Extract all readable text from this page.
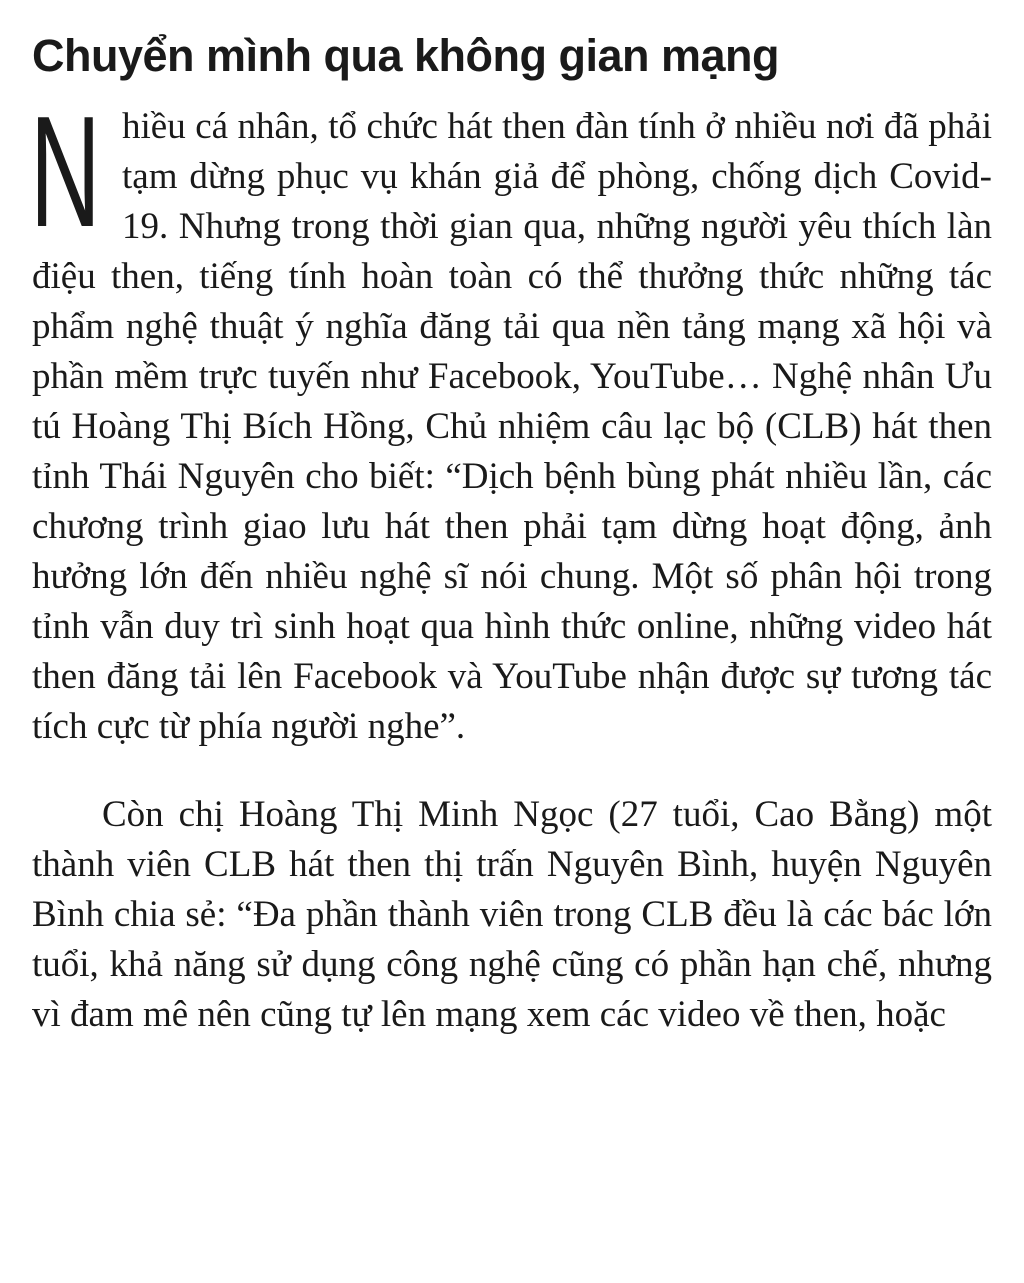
Chuyển mình qua không gian mạng

N hiều cá nhân, tổ chức hát then đàn tính ở nhiều nơi đã phải tạm dừng phục vụ khán giả để phòng, chống dịch Covid-19. Nhưng trong thời gian qua, những người yêu thích làn điệu then, tiếng tính hoàn toàn có thể thưởng thức những tác phẩm nghệ thuật ý nghĩa đăng tải qua nền tảng mạng xã hội và phần mềm trực tuyến như Facebook, YouTube… Nghệ nhân Ưu tú Hoàng Thị Bích Hồng, Chủ nhiệm câu lạc bộ (CLB) hát then tỉnh Thái Nguyên cho biết: “Dịch bệnh bùng phát nhiều lần, các chương trình giao lưu hát then phải tạm dừng hoạt động, ảnh hưởng lớn đến nhiều nghệ sĩ nói chung. Một số phân hội trong tỉnh vẫn duy trì sinh hoạt qua hình thức online, những video hát then đăng tải lên Facebook và YouTube nhận được sự tương tác tích cực từ phía người nghe”.

Còn chị Hoàng Thị Minh Ngọc (27 tuổi, Cao Bằng) một thành viên CLB hát then thị trấn Nguyên Bình, huyện Nguyên Bình chia sẻ: “Đa phần thành viên trong CLB đều là các bác lớn tuổi, khả năng sử dụng công nghệ cũng có phần hạn chế, nhưng vì đam mê nên cũng tự lên mạng xem các video về then, hoặc
